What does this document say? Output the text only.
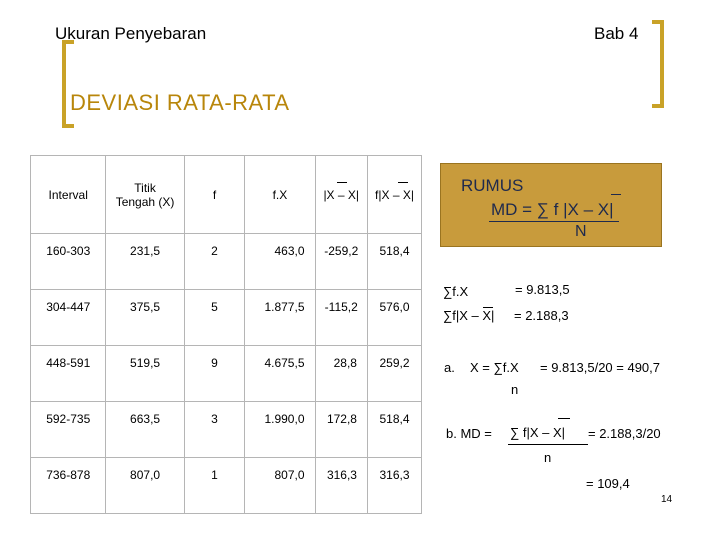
Ukuran Penyebaran	Bab 4
DEVIASI RATA-RATA
Interval	Titik Tengah (X)	f	f.X	|X – X|	f|X – X|

160-303	231,5	2	463,0	-259,2	518,4
304-447	375,5	5	1.877,5	-115,2	576,0
448-591	519,5	9	4.675,5	28,8	259,2
592-735	663,5	3	1.990,0	172,8	518,4
736-878	807,0	1	807,0	316,3	316,3
RUMUS
MD = ∑ f |X – X|
N
∑f.X	= 9.813,5
∑f|X – X| = 2.188,3
a. X = ∑f.X = 9.813,5/20 = 490,7
n
b. MD = ∑ f|X – X| = 2.188,3/20
n
= 109,4
14
